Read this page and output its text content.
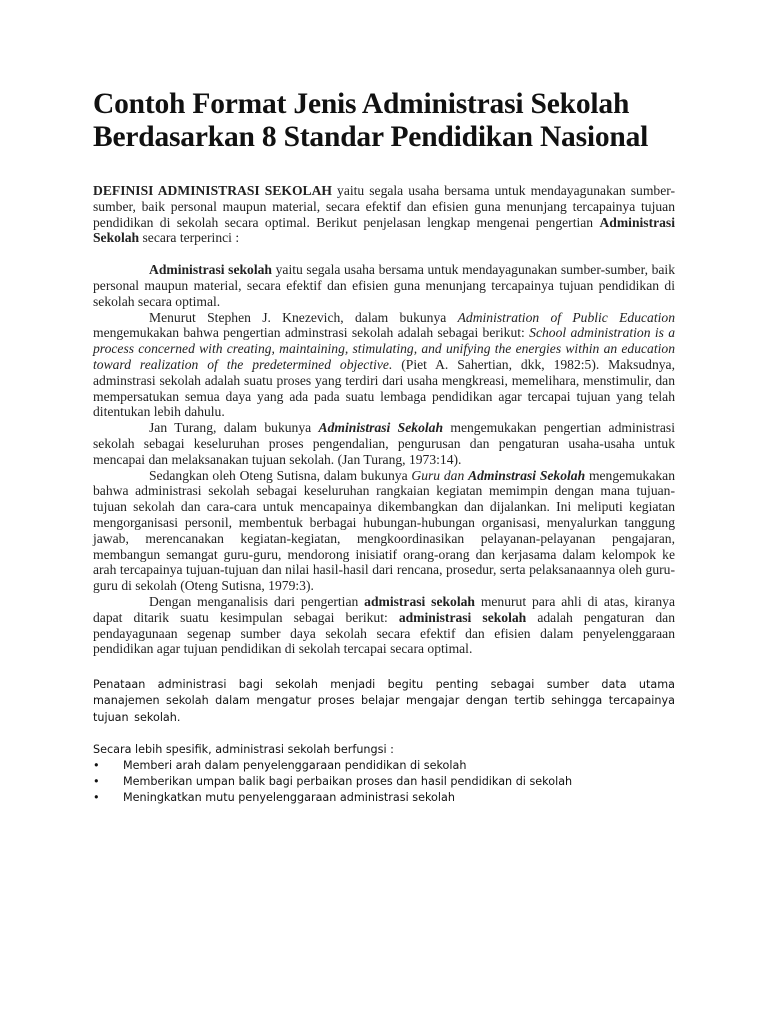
Contoh Format Jenis Administrasi Sekolah Berdasarkan 8 Standar Pendidikan Nasional

DEFINISI ADMINISTRASI SEKOLAH yaitu segala usaha bersama untuk mendayagunakan sumber-sumber, baik personal maupun material, secara efektif dan efisien guna menunjang tercapainya tujuan pendidikan di sekolah secara optimal. Berikut penjelasan lengkap mengenai pengertian Administrasi Sekolah secara terperinci :

Administrasi sekolah yaitu segala usaha bersama untuk mendayagunakan sumber-sumber, baik personal maupun material, secara efektif dan efisien guna menunjang tercapainya tujuan pendidikan di sekolah secara optimal.

Menurut Stephen J. Knezevich, dalam bukunya Administration of Public Education mengemukakan bahwa pengertian adminstrasi sekolah adalah sebagai berikut: School administration is a process concerned with creating, maintaining, stimulating, and unifying the energies within an education toward realization of the predetermined objective. (Piet A. Sahertian, dkk, 1982:5). Maksudnya, adminstrasi sekolah adalah suatu proses yang terdiri dari usaha mengkreasi, memelihara, menstimulir, dan mempersatukan semua daya yang ada pada suatu lembaga pendidikan agar tercapai tujuan yang telah ditentukan lebih dahulu.

Jan Turang, dalam bukunya Administrasi Sekolah mengemukakan pengertian administrasi sekolah sebagai keseluruhan proses pengendalian, pengurusan dan pengaturan usaha-usaha untuk mencapai dan melaksanakan tujuan sekolah. (Jan Turang, 1973:14).

Sedangkan oleh Oteng Sutisna, dalam bukunya Guru dan Adminstrasi Sekolah mengemukakan bahwa administrasi sekolah sebagai keseluruhan rangkaian kegiatan memimpin dengan mana tujuan-tujuan sekolah dan cara-cara untuk mencapainya dikembangkan dan dijalankan. Ini meliputi kegiatan mengorganisasi personil, membentuk berbagai hubungan-hubungan organisasi, menyalurkan tanggung jawab, merencanakan kegiatan-kegiatan, mengkoordinasikan pelayanan-pelayanan pengajaran, membangun semangat guru-guru, mendorong inisiatif orang-orang dan kerjasama dalam kelompok ke arah tercapainya tujuan-tujuan dan nilai hasil-hasil dari rencana, prosedur, serta pelaksanaannya oleh guru-guru di sekolah (Oteng Sutisna, 1979:3).

Dengan menganalisis dari pengertian admistrasi sekolah menurut para ahli di atas, kiranya dapat ditarik suatu kesimpulan sebagai berikut: administrasi sekolah adalah pengaturan dan pendayagunaan segenap sumber daya sekolah secara efektif dan efisien dalam penyelenggaraan pendidikan agar tujuan pendidikan di sekolah tercapai secara optimal.

Penataan administrasi bagi sekolah menjadi begitu penting sebagai sumber data utama manajemen sekolah dalam mengatur proses belajar mengajar dengan tertib sehingga tercapainya tujuan sekolah.

Secara lebih spesifik, administrasi sekolah berfungsi :

• Memberi arah dalam penyelenggaraan pendidikan di sekolah
• Memberikan umpan balik bagi perbaikan proses dan hasil pendidikan di sekolah
• Meningkatkan mutu penyelenggaraan administrasi sekolah
